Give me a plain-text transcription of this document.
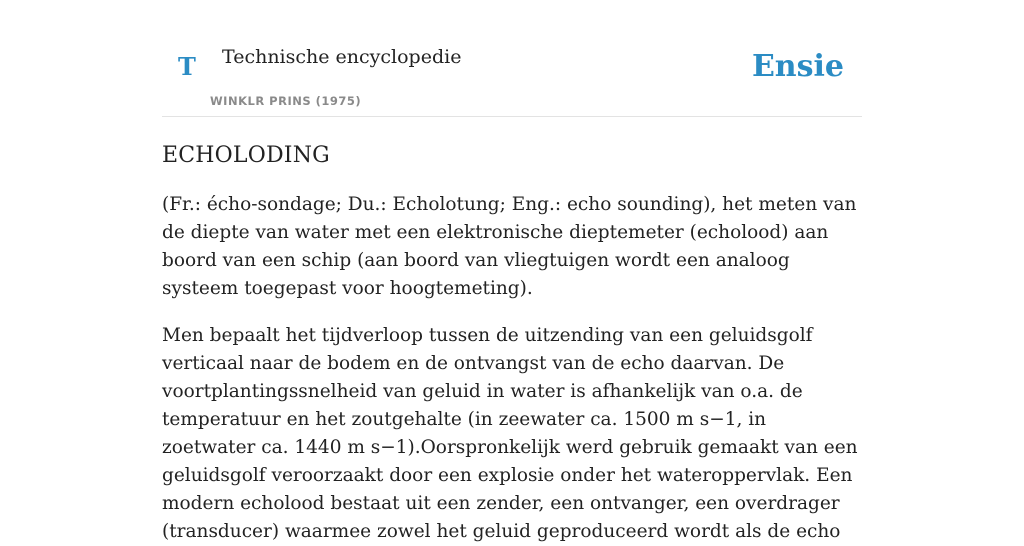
T Technische encyclopedie
WINKLR PRINS (1975)
Ensie
ECHOLODING

(Fr.: écho-sondage; Du.: Echolotung; Eng.: echo sounding), het meten van de diepte van water met een elektronische dieptemeter (echolood) aan boord van een schip (aan boord van vliegtuigen wordt een analoog systeem toegepast voor hoogtemeting).

Men bepaalt het tijdverloop tussen de uitzending van een geluidsgolf verticaal naar de bodem en de ontvangst van de echo daarvan. De voortplantingssnelheid van geluid in water is afhankelijk van o.a. de temperatuur en het zoutgehalte (in zeewater ca. 1500 m s−1, in zoetwater ca. 1440 m s−1).Oorspronkelijk werd gebruik gemaakt van een geluidsgolf veroorzaakt door een explosie onder het wateroppervlak. Een modern echolood bestaat uit een zender, een ontvanger, een overdrager (transducer) waarmee zowel het geluid geproduceerd wordt als de echo
